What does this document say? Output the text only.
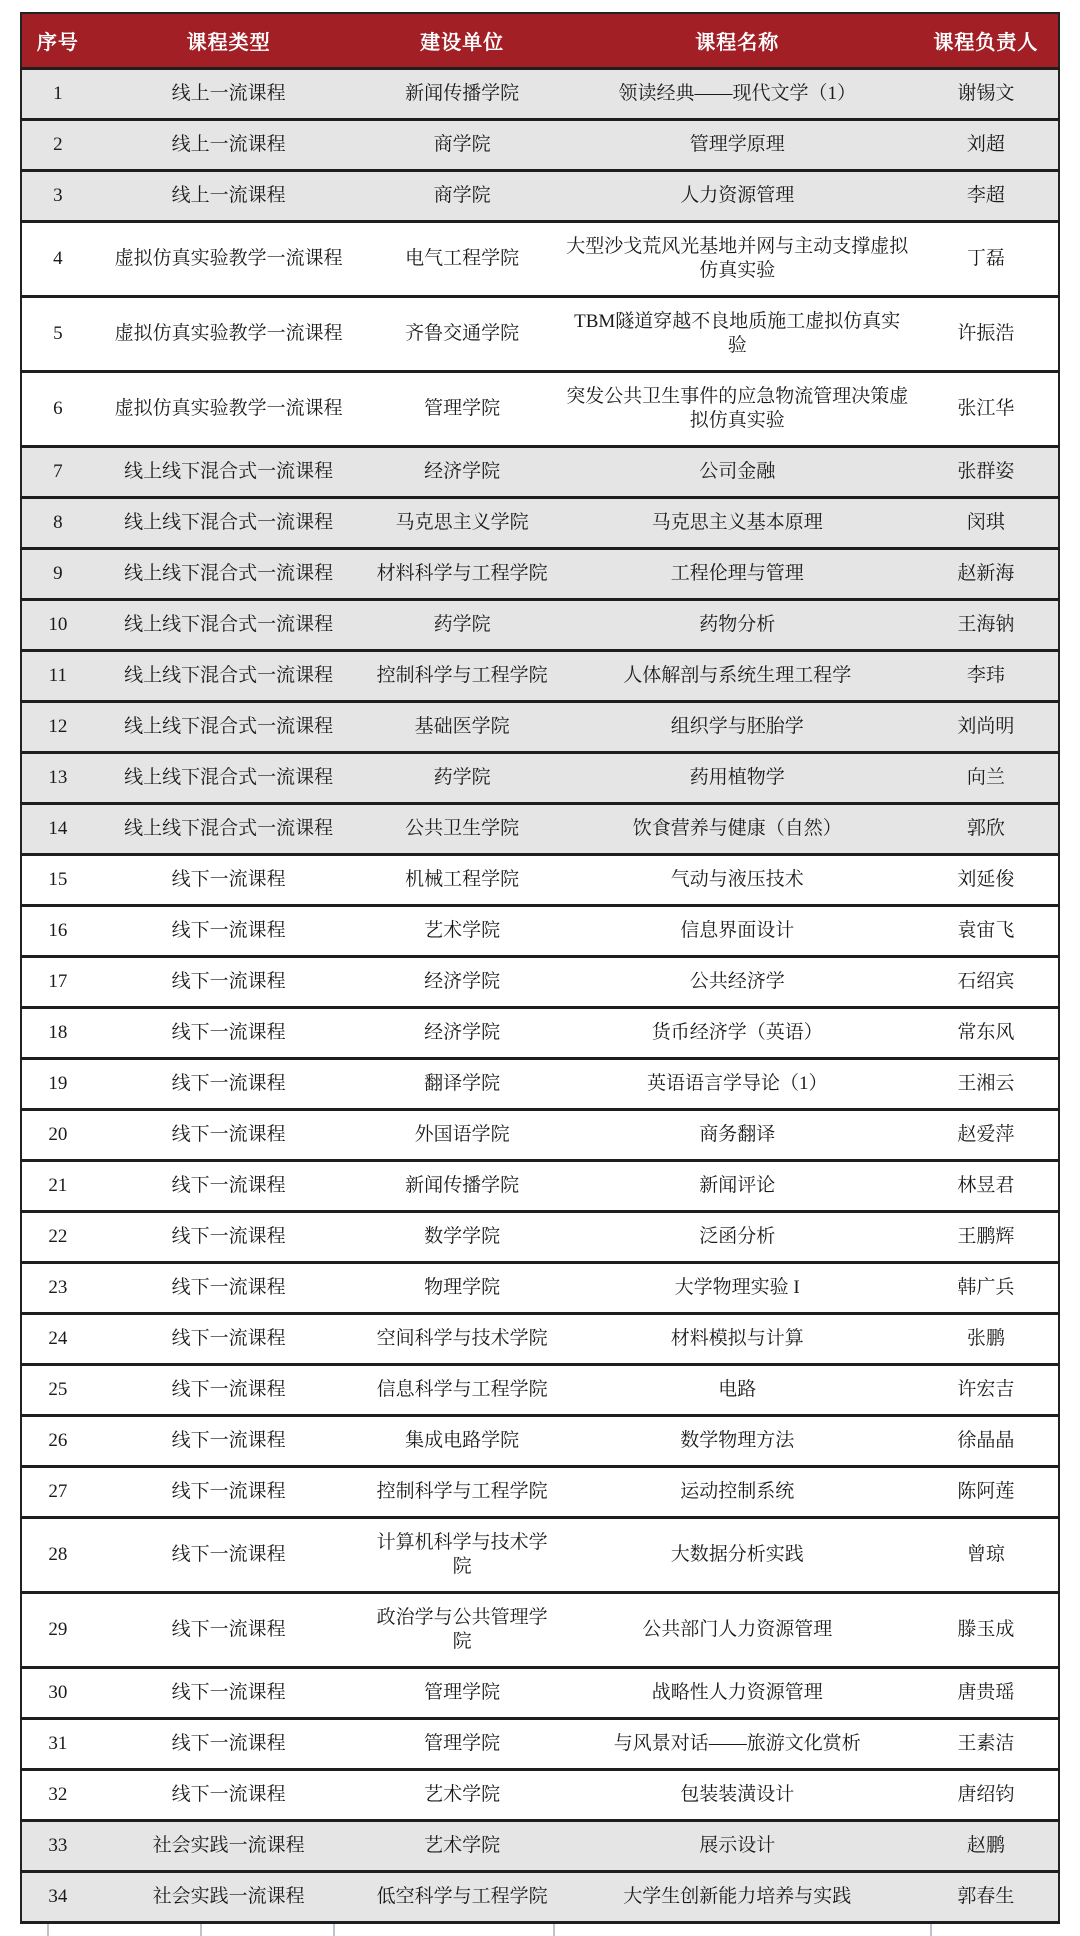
序号	课程类型	建设单位	课程名称	课程负责人
1	线上一流课程	新闻传播学院	领读经典——现代文学（1）	谢锡文
2	线上一流课程	商学院	管理学原理	刘超
3	线上一流课程	商学院	人力资源管理	李超
4	虚拟仿真实验教学一流课程	电气工程学院	大型沙戈荒风光基地并网与主动支撑虚拟仿真实验	丁磊
5	虚拟仿真实验教学一流课程	齐鲁交通学院	TBM隧道穿越不良地质施工虚拟仿真实验	许振浩
6	虚拟仿真实验教学一流课程	管理学院	突发公共卫生事件的应急物流管理决策虚拟仿真实验	张江华
7	线上线下混合式一流课程	经济学院	公司金融	张群姿
8	线上线下混合式一流课程	马克思主义学院	马克思主义基本原理	闵琪
9	线上线下混合式一流课程	材料科学与工程学院	工程伦理与管理	赵新海
10	线上线下混合式一流课程	药学院	药物分析	王海钠
11	线上线下混合式一流课程	控制科学与工程学院	人体解剖与系统生理工程学	李玮
12	线上线下混合式一流课程	基础医学院	组织学与胚胎学	刘尚明
13	线上线下混合式一流课程	药学院	药用植物学	向兰
14	线上线下混合式一流课程	公共卫生学院	饮食营养与健康（自然）	郭欣
15	线下一流课程	机械工程学院	气动与液压技术	刘延俊
16	线下一流课程	艺术学院	信息界面设计	袁宙飞
17	线下一流课程	经济学院	公共经济学	石绍宾
18	线下一流课程	经济学院	货币经济学（英语）	常东风
19	线下一流课程	翻译学院	英语语言学导论（1）	王湘云
20	线下一流课程	外国语学院	商务翻译	赵爱萍
21	线下一流课程	新闻传播学院	新闻评论	林昱君
22	线下一流课程	数学学院	泛函分析	王鹏辉
23	线下一流课程	物理学院	大学物理实验 I	韩广兵
24	线下一流课程	空间科学与技术学院	材料模拟与计算	张鹏
25	线下一流课程	信息科学与工程学院	电路	许宏吉
26	线下一流课程	集成电路学院	数学物理方法	徐晶晶
27	线下一流课程	控制科学与工程学院	运动控制系统	陈阿莲
28	线下一流课程	计算机科学与技术学院	大数据分析实践	曾琼
29	线下一流课程	政治学与公共管理学院	公共部门人力资源管理	滕玉成
30	线下一流课程	管理学院	战略性人力资源管理	唐贵瑶
31	线下一流课程	管理学院	与风景对话——旅游文化赏析	王素洁
32	线下一流课程	艺术学院	包装装潢设计	唐绍钧
33	社会实践一流课程	艺术学院	展示设计	赵鹏
34	社会实践一流课程	低空科学与工程学院	大学生创新能力培养与实践	郭春生
